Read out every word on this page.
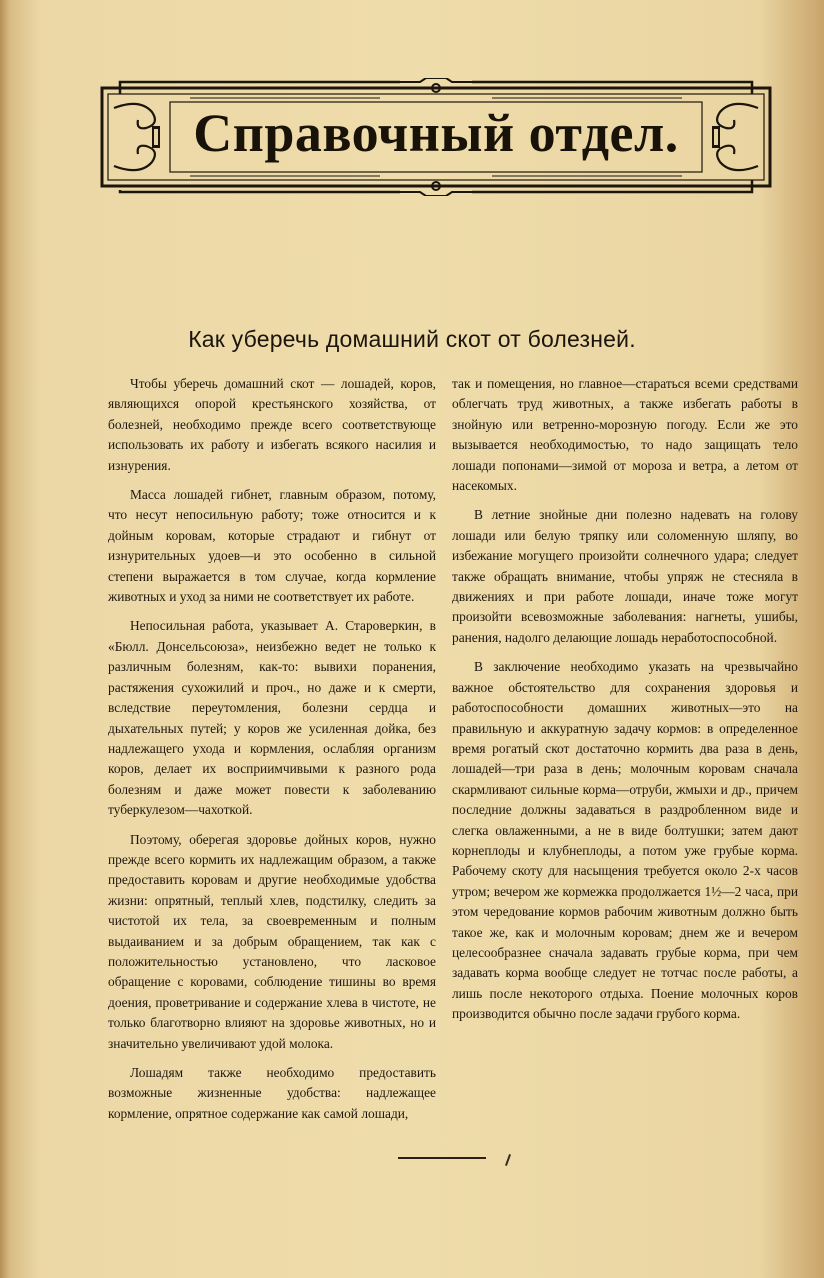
Справочный отдел.
Как уберечь домашний скот от болезней.

Чтобы уберечь домашний скот — лошадей, коров, являющихся опорой крестьянского хозяйства, от болезней, необходимо прежде всего соответствующе использовать их работу и избегать всякого насилия и изнурения.

Масса лошадей гибнет, главным образом, потому, что несут непосильную работу; тоже относится и к дойным коровам, которые страдают и гибнут от изнурительных удоев—и это особенно в сильной степени выражается в том случае, когда кормление животных и уход за ними не соответствует их работе.

Непосильная работа, указывает А. Староверкин, в «Бюлл. Донсельсоюза», неизбежно ведет не только к различным болезням, как-то: вывихи поранения, растяжения сухожилий и проч., но даже и к смерти, вследствие переутомления, болезни сердца и дыхательных путей; у коров же усиленная дойка, без надлежащего ухода и кормления, ослабляя организм коров, делает их восприимчивыми к разного рода болезням и даже может повести к заболеванию туберкулезом—чахоткой.

Поэтому, оберегая здоровье дойных коров, нужно прежде всего кормить их надлежащим образом, а также предоставить коровам и другие необходимые удобства жизни: опрятный, теплый хлев, подстилку, следить за чистотой их тела, за своевременным и полным выдаиванием и за добрым обращением, так как с положительностью установлено, что ласковое обращение с коровами, соблюдение тишины во время доения, проветривание и содержание хлева в чистоте, не только благотворно влияют на здоровье животных, но и значительно увеличивают удой молока.

Лошадям также необходимо предоставить возможные жизненные удобства: надлежащее кормление, опрятное содержание как самой лошади,

так и помещения, но главное—стараться всеми средствами облегчать труд животных, а также избегать работы в знойную или ветренно-морозную погоду. Если же это вызывается необходимостью, то надо защищать тело лошади попонами—зимой от мороза и ветра, а летом от насекомых.

В летние знойные дни полезно надевать на голову лошади или белую тряпку или соломенную шляпу, во избежание могущего произойти солнечного удара; следует также обращать внимание, чтобы упряж не стесняла в движениях и при работе лошади, иначе тоже могут произойти всевозможные заболевания: нагнеты, ушибы, ранения, надолго делающие лошадь неработоспособной.

В заключение необходимо указать на чрезвычайно важное обстоятельство для сохранения здоровья и работоспособности домашних животных—это на правильную и аккуратную задачу кормов: в определенное время рогатый скот достаточно кормить два раза в день, лошадей—три раза в день; молочным коровам сначала скармливают сильные корма—отруби, жмыхи и др., причем последние должны задаваться в раздробленном виде и слегка овлаженными, а не в виде болтушки; затем дают корнеплоды и клубнеплоды, а потом уже грубые корма. Рабочему скоту для насыщения требуется около 2-х часов утром; вечером же кормежка продолжается 1½—2 часа, при этом чередование кормов рабочим животным должно быть такое же, как и молочным коровам; днем же и вечером целесообразнее сначала задавать грубые корма, при чем задавать корма вообще следует не тотчас после работы, а лишь после некоторого отдыха. Поение молочных коров производится обычно после задачи грубого корма.
